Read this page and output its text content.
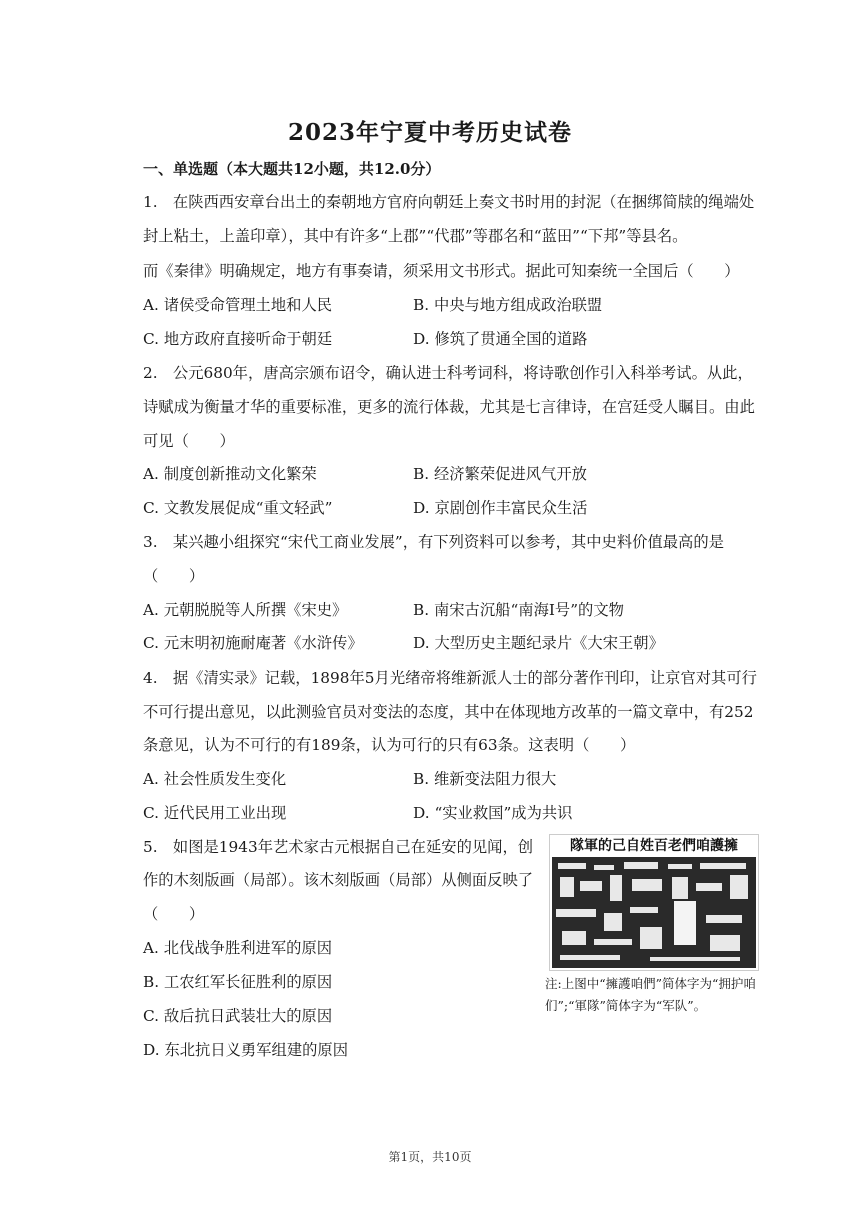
2023年宁夏中考历史试卷
一、单选题（本大题共12小题，共12.0分）
1.　在陕西西安章台出土的秦朝地方官府向朝廷上奏文书时用的封泥（在捆绑简牍的绳端处
封上粘土，上盖印章），其中有许多“上郡”“代郡”等郡名和“蓝田”“下邦”等县名。
而《秦律》明确规定，地方有事奏请，须采用文书形式。据此可知秦统一全国后（　　）
A. 诸侯受命管理土地和人民	B. 中央与地方组成政治联盟
C. 地方政府直接听命于朝廷	D. 修筑了贯通全国的道路
2.　公元680年，唐高宗颁布诏令，确认进士科考词科，将诗歌创作引入科举考试。从此，
诗赋成为衡量才华的重要标准，更多的流行体裁，尤其是七言律诗，在宫廷受人瞩目。由此
可见（　　）
A. 制度创新推动文化繁荣	B. 经济繁荣促进风气开放
C. 文教发展促成“重文轻武”	D. 京剧创作丰富民众生活
3.　某兴趣小组探究“宋代工商业发展”，有下列资料可以参考，其中史料价值最高的是
（　　）
A. 元朝脱脱等人所撰《宋史》	B. 南宋古沉船“南海Ⅰ号”的文物
C. 元末明初施耐庵著《水浒传》	D. 大型历史主题纪录片《大宋王朝》
4.　据《清实录》记载，1898年5月光绪帝将维新派人士的部分著作刊印，让京官对其可行
不可行提出意见，以此测验官员对变法的态度，其中在体现地方改革的一篇文章中，有252
条意见，认为不可行的有189条，认为可行的只有63条。这表明（　　）
A. 社会性质发生变化	B. 维新变法阻力很大
C. 近代民用工业出现	D. “实业救国”成为共识
5.　如图是1943年艺术家古元根据自己在延安的见闻，创
作的木刻版画（局部）。该木刻版画（局部）从侧面反映了
（　　）
A. 北伐战争胜利进军的原因
B. 工农红军长征胜利的原因
C. 敌后抗日武装壮大的原因
D. 东北抗日义勇军组建的原因
隊軍的己自姓百老們咱護擁
注:上图中“擁護咱們”简体字为“拥护咱们”;“軍隊”简体字为“军队”。
第1页，共10页
